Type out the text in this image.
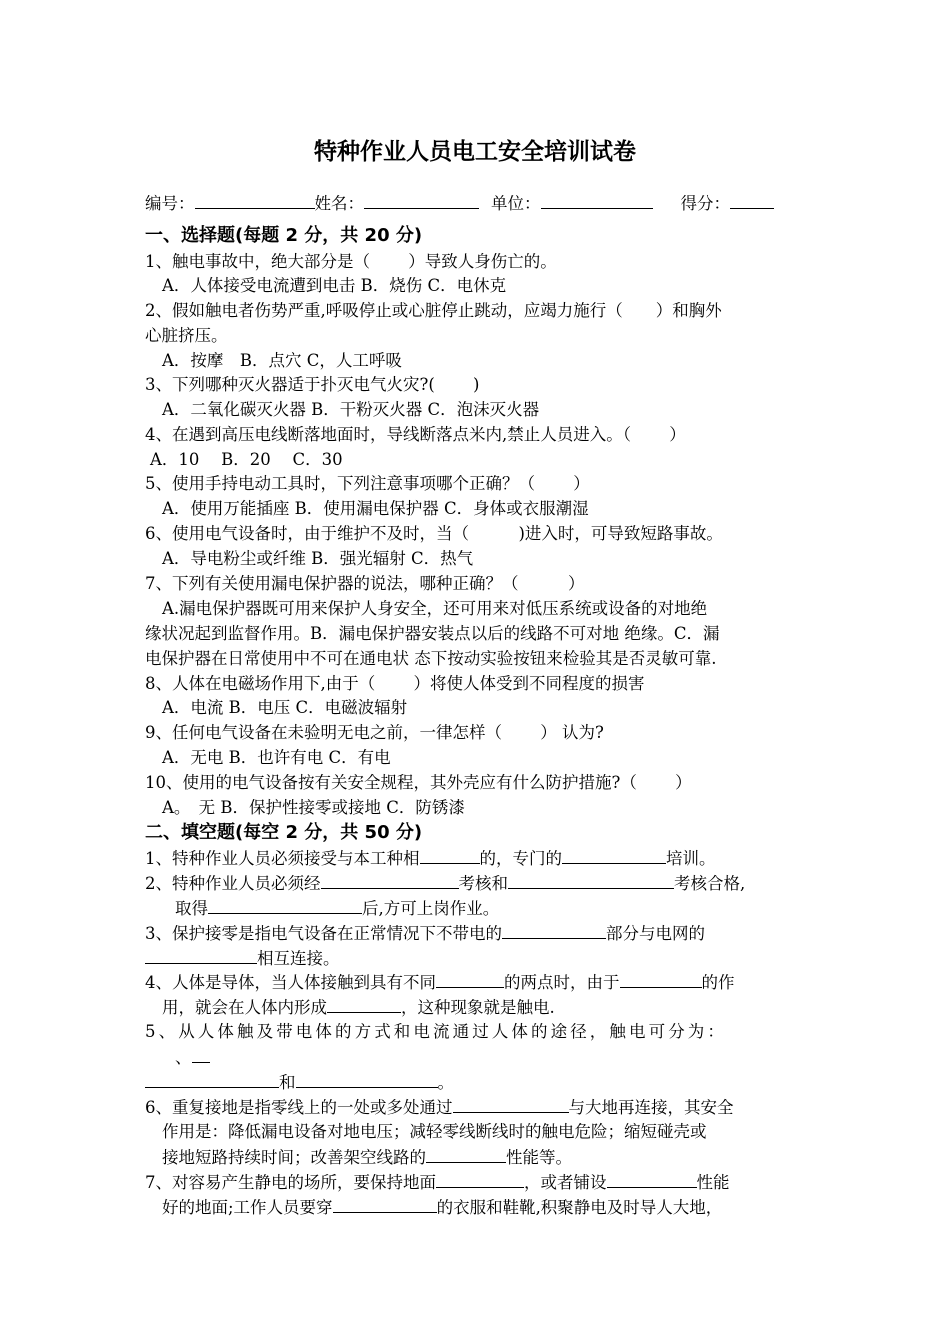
特种作业人员电工安全培训试卷
编号：	姓名：	单位：	得分：
一、选择题(每题 2 分，共 20 分)
1、触电事故中，绝大部分是（　　 ）导致人身伤亡的。
A．人体接受电流遭到电击 B．烧伤 C．电休克
2、假如触电者伤势严重,呼吸停止或心脏停止跳动，应竭力施行（　　）和胸外
心脏挤压。
A．按摩　B．点穴 C，人工呼吸
3、下列哪种灭火器适于扑灭电气火灾?(　　 )
A．二氧化碳灭火器 B．干粉灭火器 C．泡沫灭火器
4、在遇到高压电线断落地面时，导线断落点米内,禁止人员进入。（　　 ）
A．10　 B．20　 C．30
5、使用手持电动工具时，下列注意事项哪个正确？（　　 ）
A．使用万能插座 B．使用漏电保护器 C．身体或衣服潮湿
6、使用电气设备时，由于维护不及时，当（　　　)进入时，可导致短路事故。
A．导电粉尘或纤维 B．强光辐射 C．热气
7、下列有关使用漏电保护器的说法，哪种正确？（　　　）
A.漏电保护器既可用来保护人身安全，还可用来对低压系统或设备的对地绝
缘状况起到监督作用。B．漏电保护器安装点以后的线路不可对地 绝缘。C．漏
电保护器在日常使用中不可在通电状 态下按动实验按钮来检验其是否灵敏可靠.
8、人体在电磁场作用下,由于（　　 ）将使人体受到不同程度的损害
A．电流 B．电压 C．电磁波辐射
9、任何电气设备在未验明无电之前，一律怎样（　　 ） 认为?
A．无电 B．也许有电 C．有电
10、使用的电气设备按有关安全规程，其外壳应有什么防护措施?（　　 ）
A。　无 B．保护性接零或接地 C．防锈漆
二、填空题(每空 2 分，共 50 分)
1、特种作业人员必须接受与本工种相	的，专门的	培训。
2、特种作业人员必须经	考核和	考核合格,
取得	后,方可上岗作业。
3、保护接零是指电气设备在正常情况下不带电的	部分与电网的
相互连接。
4、人体是导体，当人体接触到具有不同	的两点时，由于	的作
用，就会在人体内形成	，这种现象就是触电.
5、从人体触及带电体的方式和电流通过人体的途径，触电可分为：
、
和	。
6、重复接地是指零线上的一处或多处通过	与大地再连接，其安全
作用是：降低漏电设备对地电压；减轻零线断线时的触电危险；缩短碰壳或
接地短路持续时间；改善架空线路的	性能等。
7、对容易产生静电的场所，要保持地面	，或者铺设	性能
好的地面;工作人员要穿	的衣服和鞋靴,积聚静电及时导人大地，
